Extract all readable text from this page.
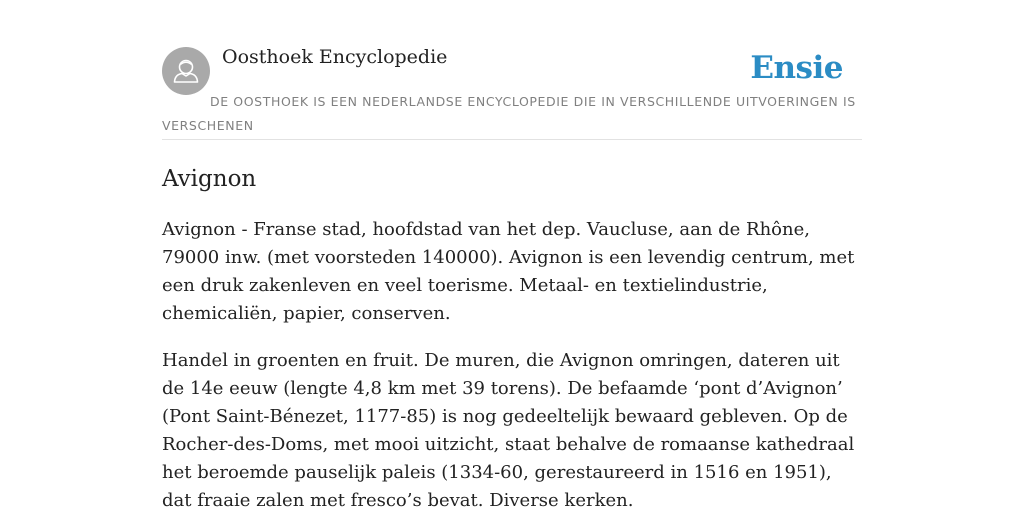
Oosthoek Encyclopedie	Ensie

DE OOSTHOEK IS EEN NEDERLANDSE ENCYCLOPEDIE DIE IN VERSCHILLENDE UITVOERINGEN IS VERSCHENEN

Avignon

Avignon - Franse stad, hoofdstad van het dep. Vaucluse, aan de Rhône, 79000 inw. (met voorsteden 140000). Avignon is een levendig centrum, met een druk zakenleven en veel toerisme. Metaal- en textielindustrie, chemicaliën, papier, conserven.

Handel in groenten en fruit. De muren, die Avignon omringen, dateren uit de 14e eeuw (lengte 4,8 km met 39 torens). De befaamde ‘pont d’Avignon’ (Pont Saint-Bénezet, 1177-85) is nog gedeeltelijk bewaard gebleven. Op de Rocher-des-Doms, met mooi uitzicht, staat behalve de romaanse kathedraal het beroemde pauselijk paleis (1334-60, gerestaureerd in 1516 en 1951), dat fraaie zalen met fresco’s bevat. Diverse kerken.
